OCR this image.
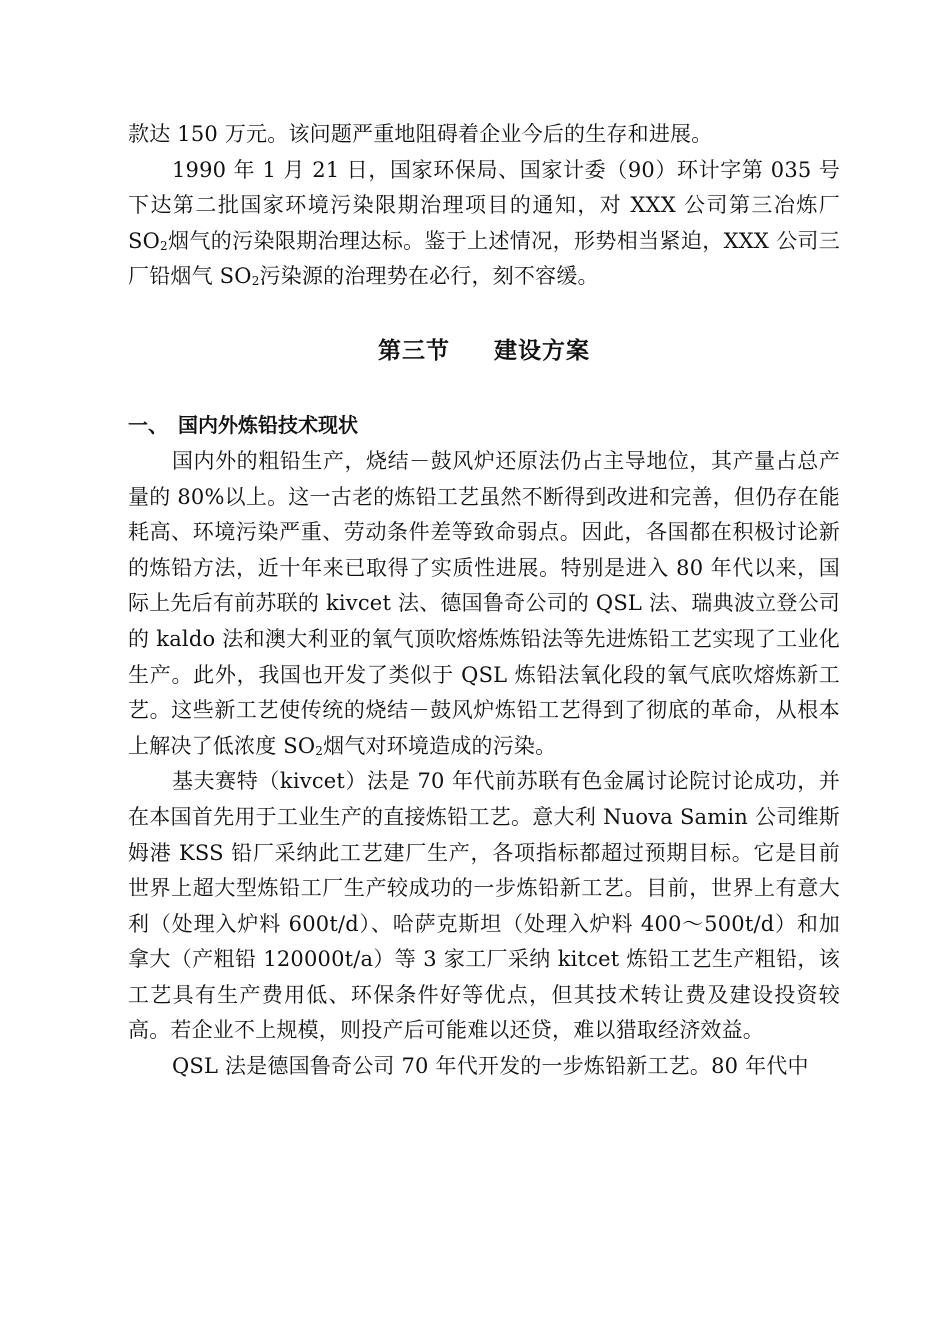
款达 150 万元。该问题严重地阻碍着企业今后的生存和进展。

1990 年 1 月 21 日，国家环保局、国家计委（90）环计字第 035 号下达第二批国家环境污染限期治理项目的通知，对 XXX 公司第三冶炼厂 $SO_2$烟气的污染限期治理达标。鉴于上述情况，形势相当紧迫，XXX 公司三厂铅烟气 $SO_2$污染源的治理势在必行，刻不容缓。

第三节 建设方案
一、 国内外炼铅技术现状

国内外的粗铅生产，烧结－鼓风炉还原法仍占主导地位，其产量占总产量的 80%以上。这一古老的炼铅工艺虽然不断得到改进和完善，但仍存在能耗高、环境污染严重、劳动条件差等致命弱点。因此，各国都在积极讨论新的炼铅方法，近十年来已取得了实质性进展。特别是进入 80 年代以来，国际上先后有前苏联的 kivcet 法、德国鲁奇公司的 QSL 法、瑞典波立登公司的 kaldo 法和澳大利亚的氧气顶吹熔炼炼铅法等先进炼铅工艺实现了工业化生产。此外，我国也开发了类似于 QSL 炼铅法氧化段的氧气底吹熔炼新工艺。这些新工艺使传统的烧结－鼓风炉炼铅工艺得到了彻底的革命，从根本上解决了低浓度 $SO_2$烟气对环境造成的污染。

基夫赛特（kivcet）法是 70 年代前苏联有色金属讨论院讨论成功，并在本国首先用于工业生产的直接炼铅工艺。意大利 Nuova Samin 公司维斯姆港 KSS 铅厂采纳此工艺建厂生产，各项指标都超过预期目标。它是目前世界上超大型炼铅工厂生产较成功的一步炼铅新工艺。目前，世界上有意大利（处理入炉料 600t/d）、哈萨克斯坦（处理入炉料 400～500t/d）和加拿大（产粗铅 120000t/a）等 3 家工厂采纳 kitcet 炼铅工艺生产粗铅，该工艺具有生产费用低、环保条件好等优点，但其技术转让费及建设投资较高。若企业不上规模，则投产后可能难以还贷，难以猎取经济效益。

QSL 法是德国鲁奇公司 70 年代开发的一步炼铅新工艺。80 年代中
